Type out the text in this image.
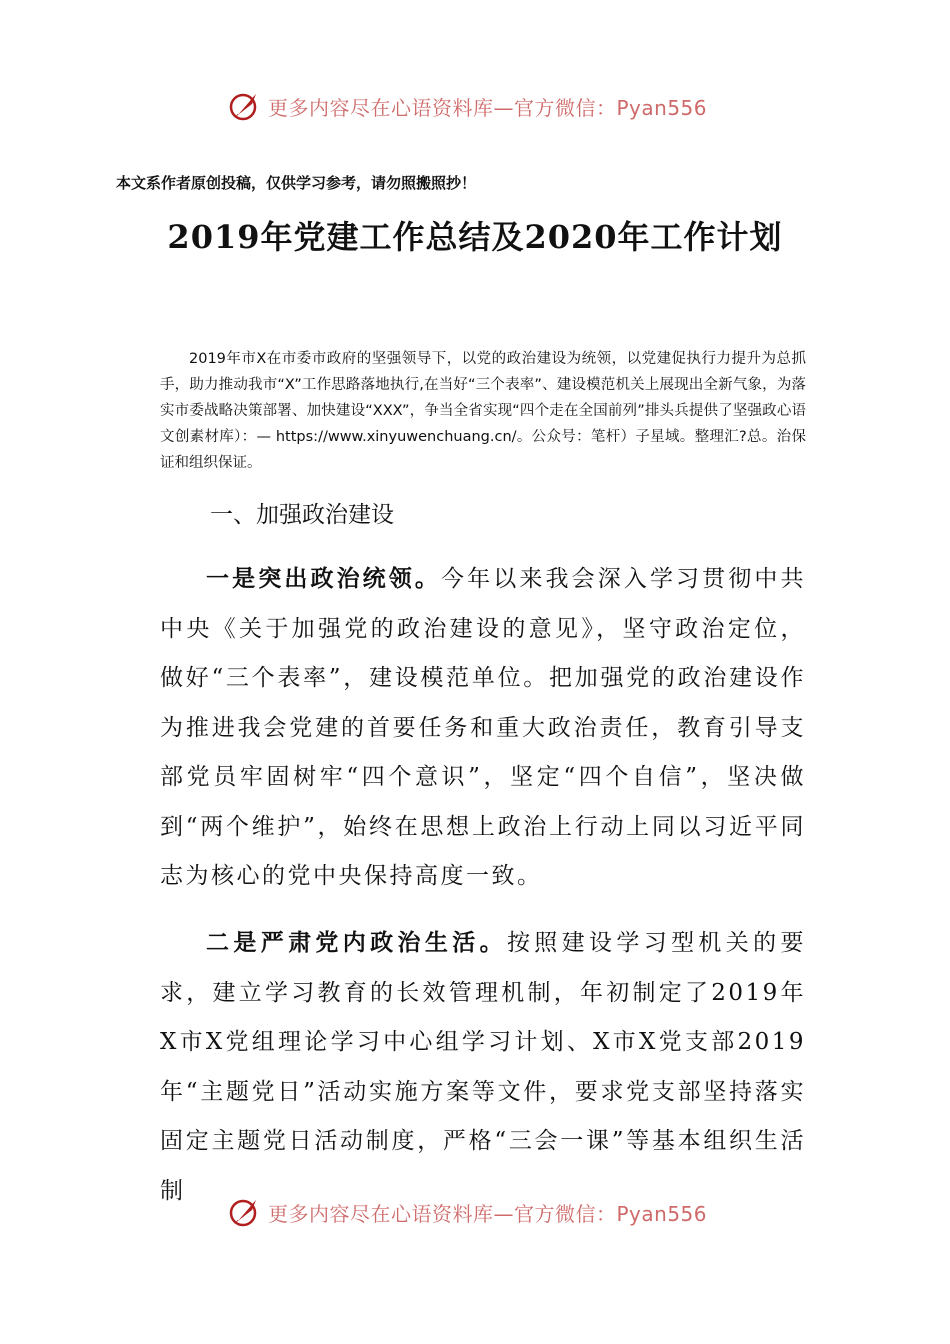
更多内容尽在心语资料库—官方微信：Pyan556
本文系作者原创投稿，仅供学习参考，请勿照搬照抄！
2019年党建工作总结及2020年工作计划

2019年市X在市委市政府的坚强领导下，以党的政治建设为统领，以党建促执行力提升为总抓手，助力推动我市“X”工作思路落地执行,在当好“三个表率”、建设模范机关上展现出全新气象，为落实市委战略决策部署、加快建设“XXX”，争当全省实现“四个走在全国前列”排头兵提供了坚强政心语文创素材库）：— https://www.xinyuwenchuang.cn/。公众号：笔杆）子星域。整理汇?总。治保证和组织保证。

一、加强政治建设

一是突出政治统领。今年以来我会深入学习贯彻中共中央《关于加强党的政治建设的意见》，坚守政治定位，做好“三个表率”，建设模范单位。把加强党的政治建设作为推进我会党建的首要任务和重大政治责任，教育引导支部党员牢固树牢“四个意识”，坚定“四个自信”，坚决做到“两个维护”，始终在思想上政治上行动上同以习近平同志为核心的党中央保持高度一致。

二是严肃党内政治生活。按照建设学习型机关的要求，建立学习教育的长效管理机制，年初制定了2019年X市X党组理论学习中心组学习计划、X市X党支部2019年“主题党日”活动实施方案等文件，要求党支部坚持落实固定主题党日活动制度，严格“三会一课”等基本组织生活制

更多内容尽在心语资料库—官方微信：Pyan556
